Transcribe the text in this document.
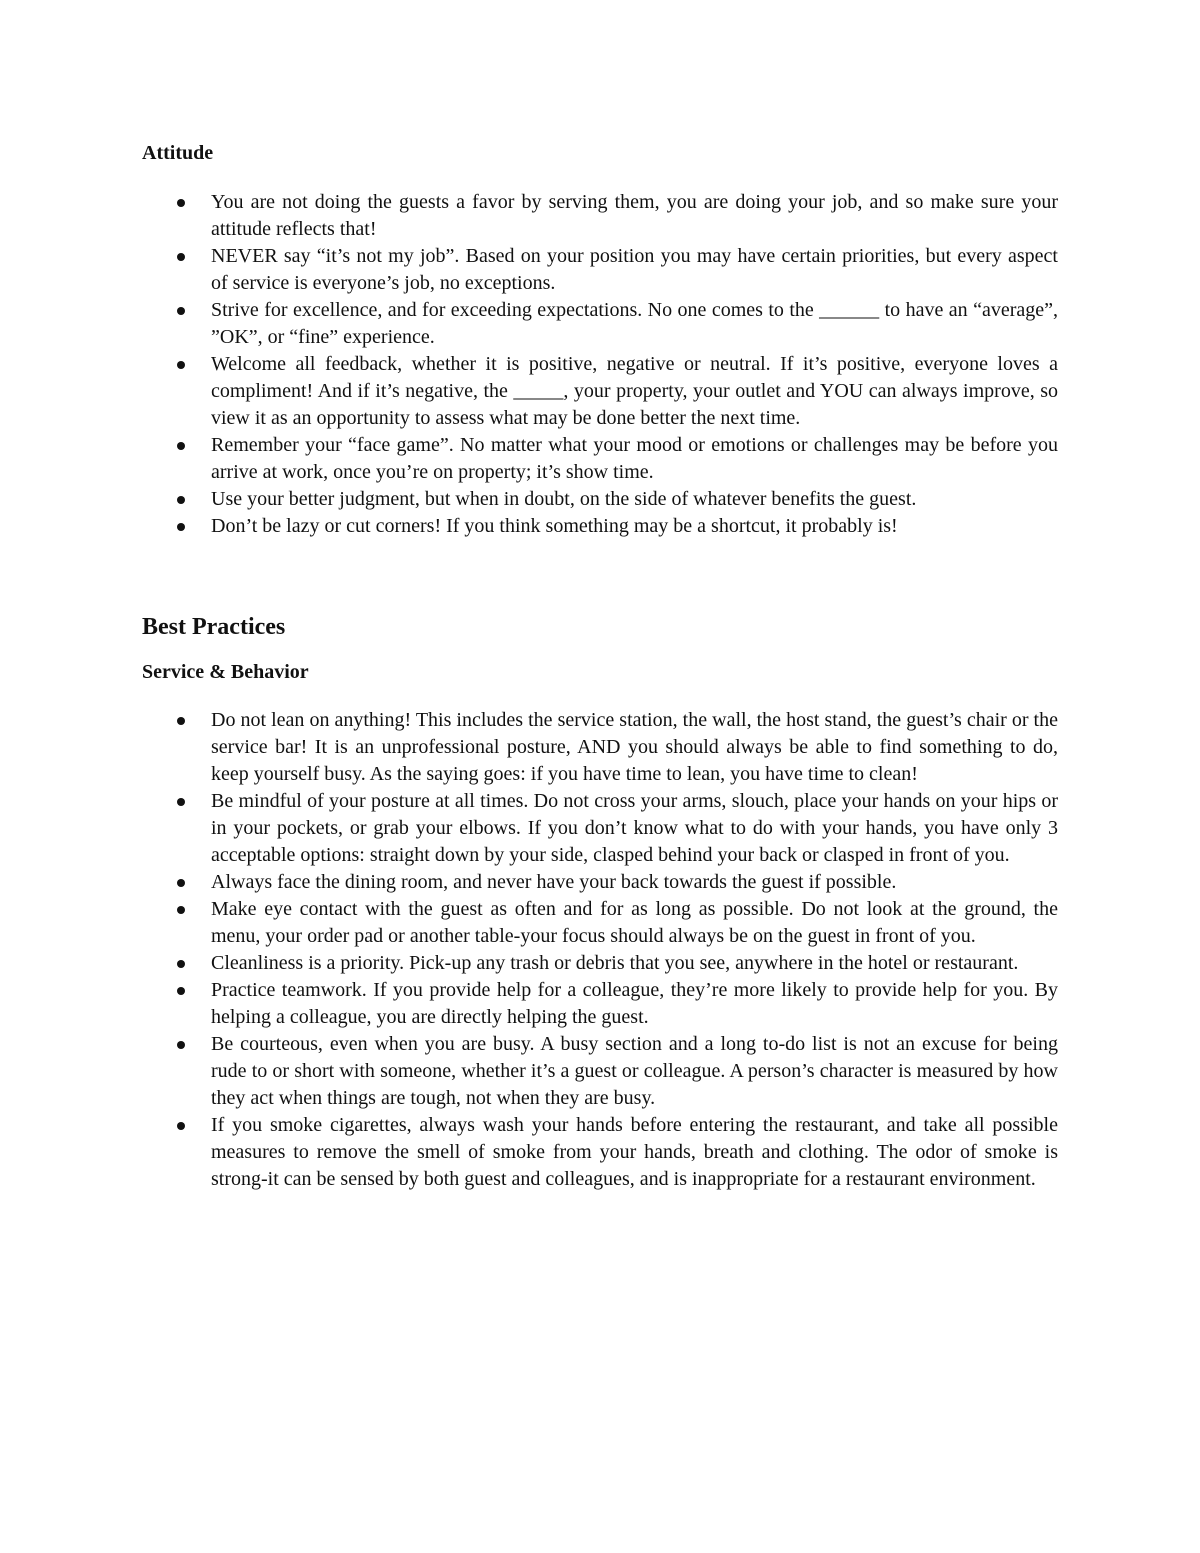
Attitude
You are not doing the guests a favor by serving them, you are doing your job, and so make sure your attitude reflects that!
NEVER say “it’s not my job”. Based on your position you may have certain priorities, but every aspect of service is everyone’s job, no exceptions.
Strive for excellence, and for exceeding expectations. No one comes to the ______ to have an “average”, ”OK”, or “fine” experience.
Welcome all feedback, whether it is positive, negative or neutral. If it’s positive, everyone loves a compliment! And if it’s negative, the _____, your property, your outlet and YOU can always improve, so view it as an opportunity to assess what may be done better the next time.
Remember your “face game”. No matter what your mood or emotions or challenges may be before you arrive at work, once you’re on property; it’s show time.
Use your better judgment, but when in doubt, on the side of whatever benefits the guest.
Don’t be lazy or cut corners! If you think something may be a shortcut, it probably is!
Best Practices
Service & Behavior
Do not lean on anything! This includes the service station, the wall, the host stand, the guest’s chair or the service bar! It is an unprofessional posture, AND you should always be able to find something to do, keep yourself busy. As the saying goes: if you have time to lean, you have time to clean!
Be mindful of your posture at all times. Do not cross your arms, slouch, place your hands on your hips or in your pockets, or grab your elbows. If you don’t know what to do with your hands, you have only 3 acceptable options: straight down by your side, clasped behind your back or clasped in front of you.
Always face the dining room, and never have your back towards the guest if possible.
Make eye contact with the guest as often and for as long as possible. Do not look at the ground, the menu, your order pad or another table-your focus should always be on the guest in front of you.
Cleanliness is a priority. Pick-up any trash or debris that you see, anywhere in the hotel or restaurant.
Practice teamwork. If you provide help for a colleague, they’re more likely to provide help for you. By helping a colleague, you are directly helping the guest.
Be courteous, even when you are busy. A busy section and a long to-do list is not an excuse for being rude to or short with someone, whether it’s a guest or colleague. A person’s character is measured by how they act when things are tough, not when they are busy.
If you smoke cigarettes, always wash your hands before entering the restaurant, and take all possible measures to remove the smell of smoke from your hands, breath and clothing. The odor of smoke is strong-it can be sensed by both guest and colleagues, and is inappropriate for a restaurant environment.
